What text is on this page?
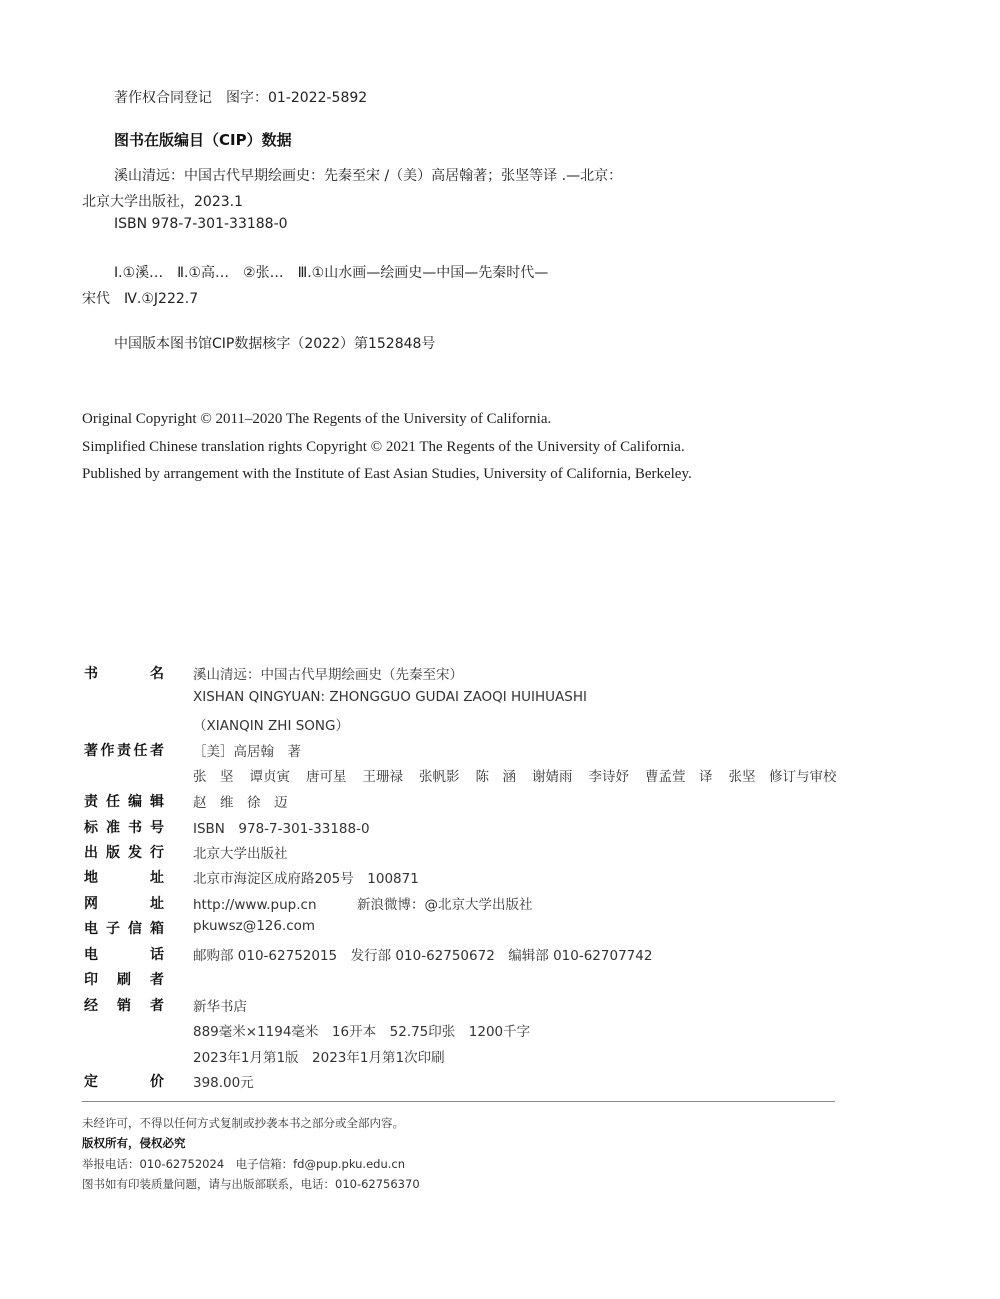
著作权合同登记　图字：01-2022-5892
图书在版编目（CIP）数据
溪山清远：中国古代早期绘画史：先秦至宋 /（美）高居翰著；张坚等译 .—北京：
北京大学出版社，2023.1
ISBN 978-7-301-33188-0
Ⅰ.①溪…　Ⅱ.①高…　②张…　Ⅲ.①山水画—绘画史—中国—先秦时代—
宋代　Ⅳ.①J222.7
中国版本图书馆CIP数据核字（2022）第152848号
Original Copyright © 2011–2020 The Regents of the University of California.
Simplified Chinese translation rights Copyright © 2021 The Regents of the University of California.
Published by arrangement with the Institute of East Asian Studies, University of California, Berkeley.
书	名 溪山清远：中国古代早期绘画史（先秦至宋）
XISHAN QINGYUAN: ZHONGGUO GUDAI ZAOQI HUIHUASHI
（XIANQIN ZHI SONG）
著 作 责 任 者 ［美］高居翰　著
张　坚 谭贞寅 唐可星 王珊禄 张帆影 陈　涵 谢婧雨 李诗妤 曹孟萱　译 张坚　修订与审校
责 任 编 辑 赵　维　徐　迈
标 准 书 号 ISBN　978-7-301-33188-0
出 版 发 行 北京大学出版社
地	址 北京市海淀区成府路205号　100871
网	址 http://www.pup.cn　　　新浪微博：@北京大学出版社
电 子 信 箱 pkuwsz@126.com
电	话 邮购部 010-62752015　发行部 010-62750672　编辑部 010-62707742
印 刷 者
经 销 者 新华书店
889毫米×1194毫米　16开本　52.75印张　1200千字
2023年1月第1版　2023年1月第1次印刷
定	价 398.00元
未经许可，不得以任何方式复制或抄袭本书之部分或全部内容。
版权所有，侵权必究
举报电话：010-62752024　电子信箱：fd@pup.pku.edu.cn
图书如有印装质量问题，请与出版部联系，电话：010-62756370
